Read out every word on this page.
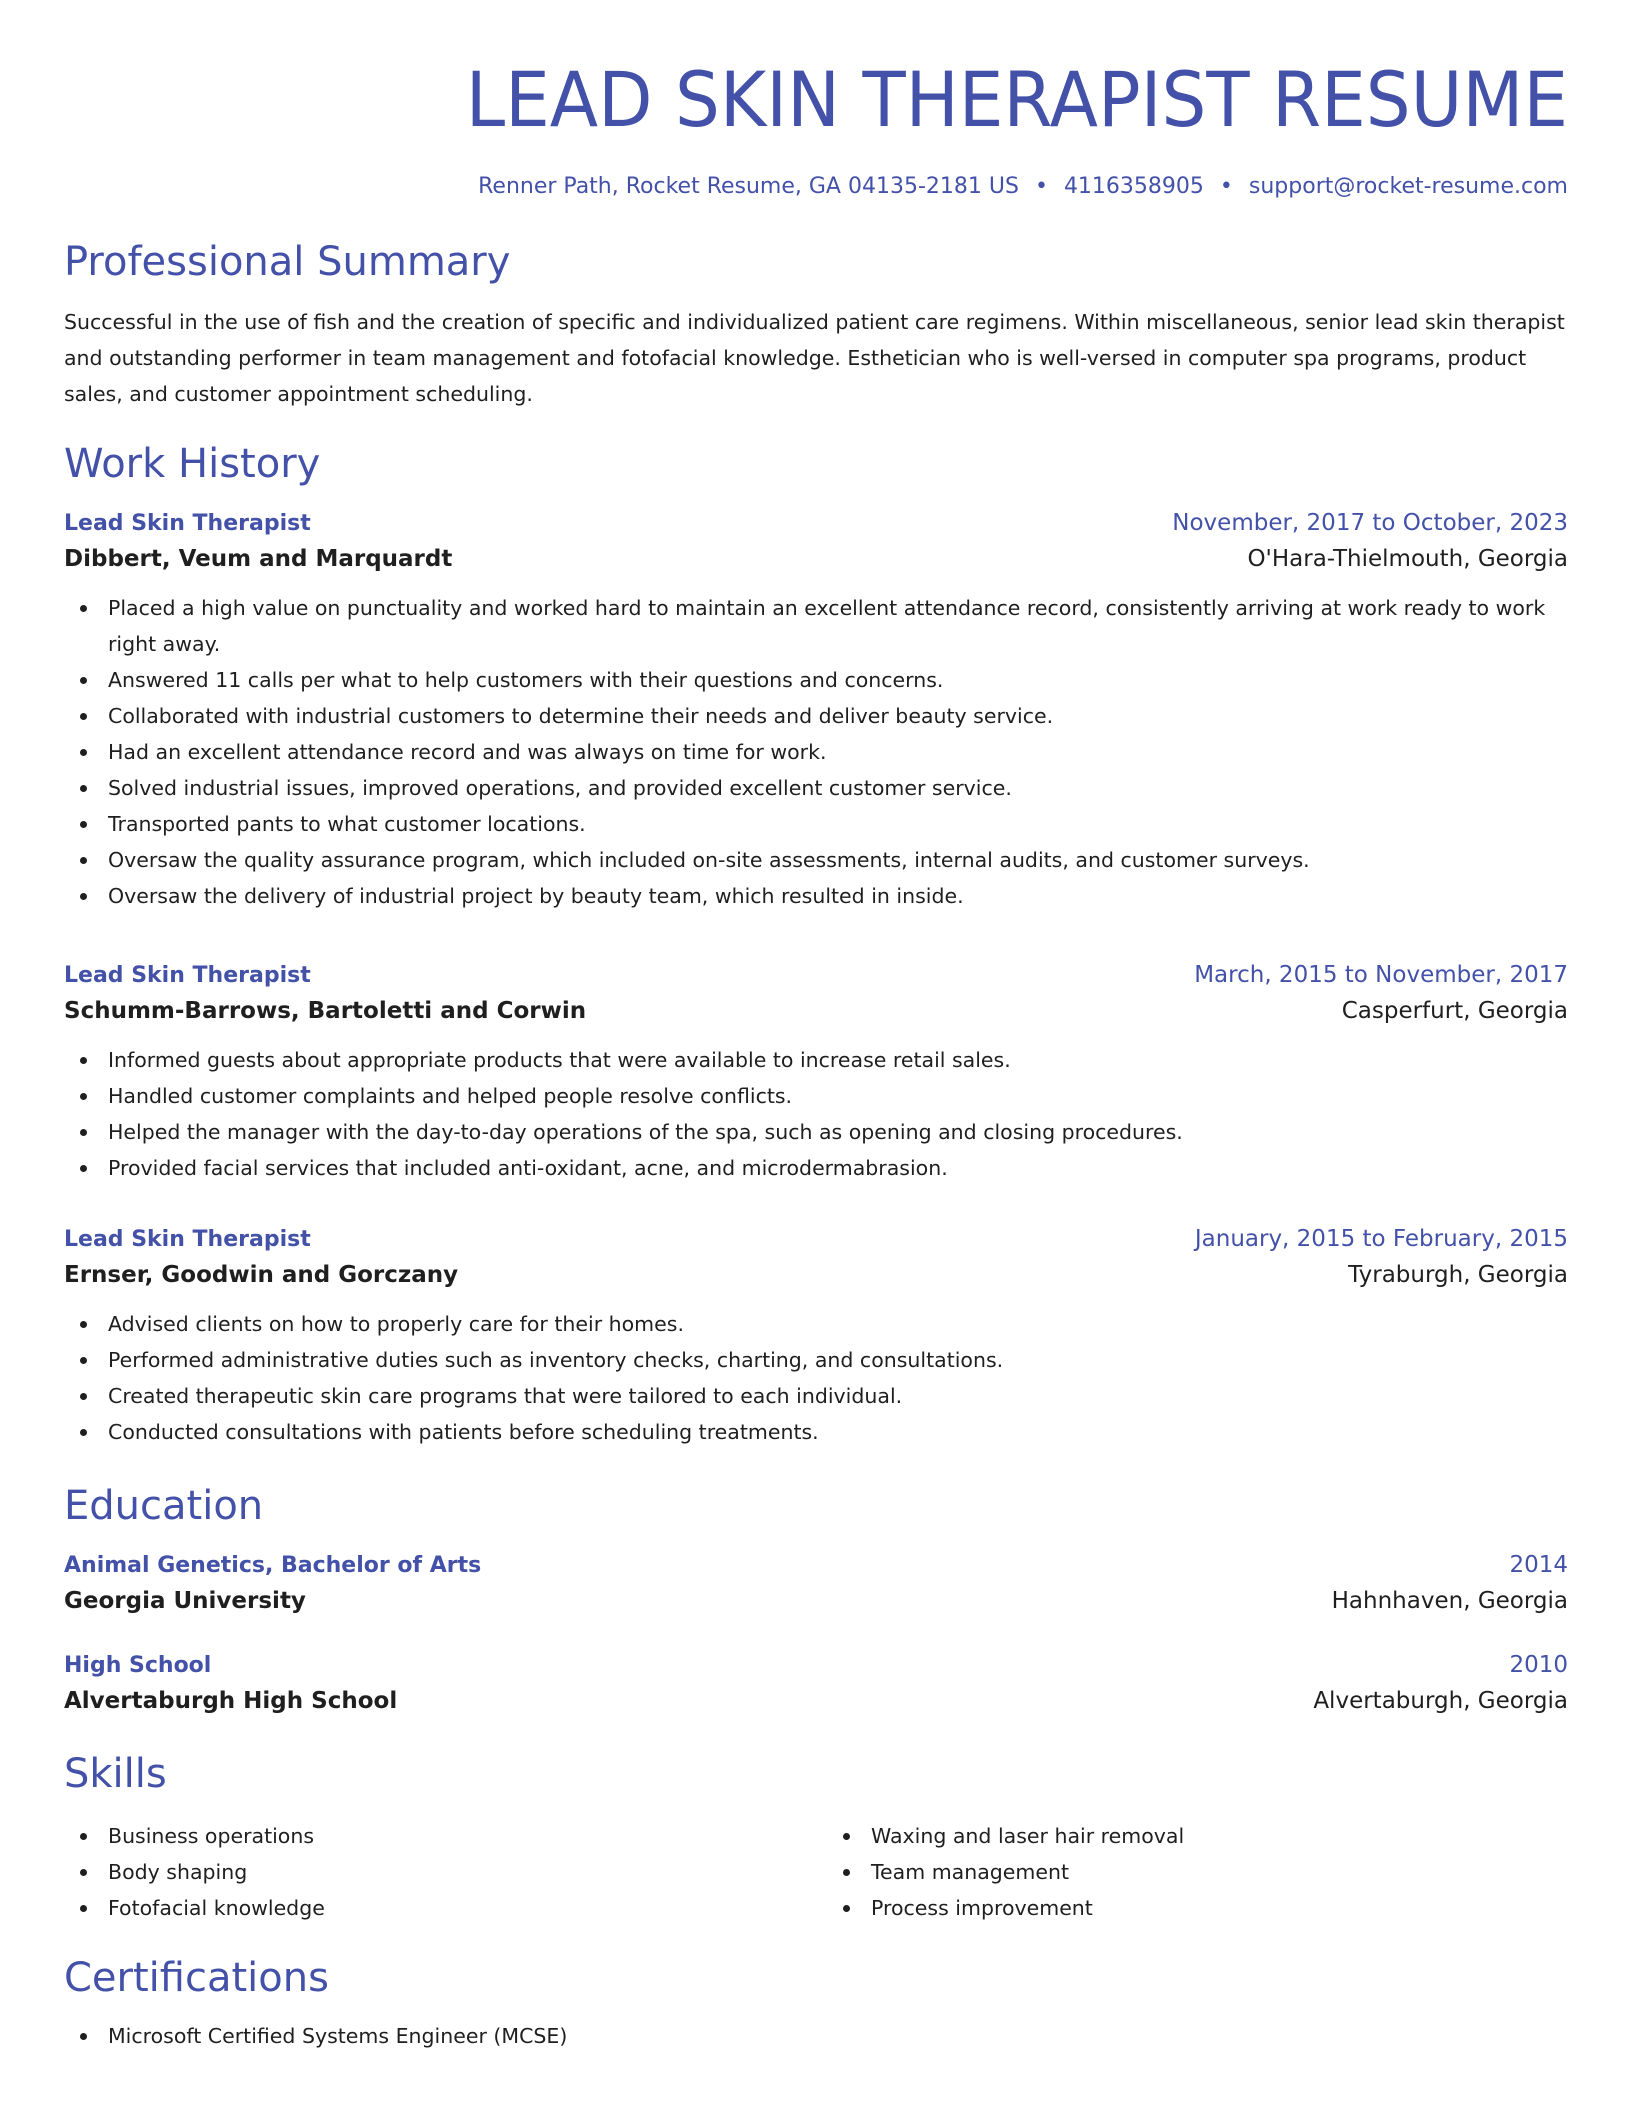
LEAD SKIN THERAPIST RESUME
Renner Path, Rocket Resume, GA 04135-2181 US • 4116358905 • support@rocket-resume.com
Professional Summary

Successful in the use of fish and the creation of specific and individualized patient care regimens. Within miscellaneous, senior lead skin therapist and outstanding performer in team management and fotofacial knowledge. Esthetician who is well-versed in computer spa programs, product sales, and customer appointment scheduling.

Work History
Lead Skin Therapist	November, 2017 to October, 2023
Dibbert, Veum and Marquardt	O'Hara-Thielmouth, Georgia
Placed a high value on punctuality and worked hard to maintain an excellent attendance record, consistently arriving at work ready to work right away.
Answered 11 calls per what to help customers with their questions and concerns.
Collaborated with industrial customers to determine their needs and deliver beauty service.
Had an excellent attendance record and was always on time for work.
Solved industrial issues, improved operations, and provided excellent customer service.
Transported pants to what customer locations.
Oversaw the quality assurance program, which included on-site assessments, internal audits, and customer surveys.
Oversaw the delivery of industrial project by beauty team, which resulted in inside.
Lead Skin Therapist	March, 2015 to November, 2017
Schumm-Barrows, Bartoletti and Corwin	Casperfurt, Georgia
Informed guests about appropriate products that were available to increase retail sales.
Handled customer complaints and helped people resolve conflicts.
Helped the manager with the day-to-day operations of the spa, such as opening and closing procedures.
Provided facial services that included anti-oxidant, acne, and microdermabrasion.
Lead Skin Therapist	January, 2015 to February, 2015
Ernser, Goodwin and Gorczany	Tyraburgh, Georgia
Advised clients on how to properly care for their homes.
Performed administrative duties such as inventory checks, charting, and consultations.
Created therapeutic skin care programs that were tailored to each individual.
Conducted consultations with patients before scheduling treatments.
Education
Animal Genetics, Bachelor of Arts	2014
Georgia University	Hahnhaven, Georgia
High School	2010
Alvertaburgh High School	Alvertaburgh, Georgia
Skills
Business operations
Body shaping
Fotofacial knowledge
Waxing and laser hair removal
Team management
Process improvement
Certifications
Microsoft Certified Systems Engineer (MCSE)
